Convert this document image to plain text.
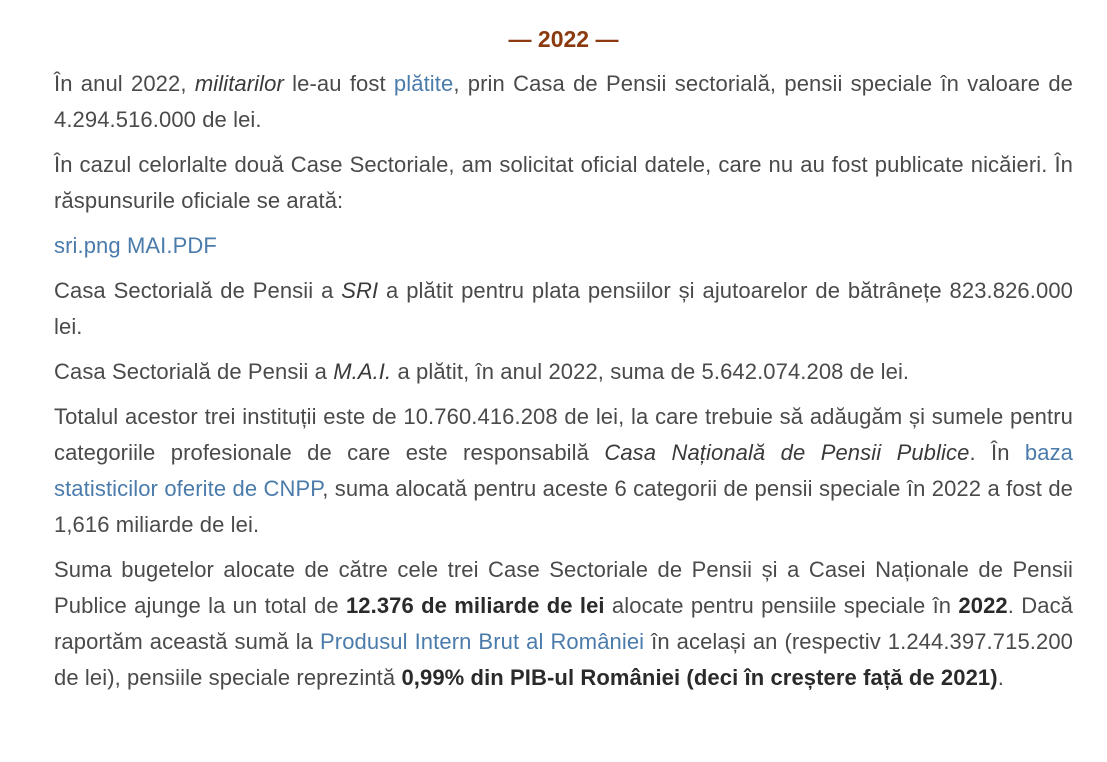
— 2022 —

În anul 2022, militarilor le-au fost plătite, prin Casa de Pensii sectorială, pensii speciale în valoare de 4.294.516.000 de lei.

În cazul celorlalte două Case Sectoriale, am solicitat oficial datele, care nu au fost publicate nicăieri. În răspunsurile oficiale se arată:

sri.png MAI.PDF

Casa Sectorială de Pensii a SRI a plătit pentru plata pensiilor și ajutoarelor de bătrânețe 823.826.000 lei.

Casa Sectorială de Pensii a M.A.I. a plătit, în anul 2022, suma de 5.642.074.208 de lei.

Totalul acestor trei instituții este de 10.760.416.208 de lei, la care trebuie să adăugăm și sumele pentru categoriile profesionale de care este responsabilă Casa Națională de Pensii Publice. În baza statisticilor oferite de CNPP, suma alocată pentru aceste 6 categorii de pensii speciale în 2022 a fost de 1,616 miliarde de lei.

Suma bugetelor alocate de către cele trei Case Sectoriale de Pensii și a Casei Naționale de Pensii Publice ajunge la un total de 12.376 de miliarde de lei alocate pentru pensiile speciale în 2022. Dacă raportăm această sumă la Produsul Intern Brut al României în același an (respectiv 1.244.397.715.200 de lei), pensiile speciale reprezintă 0,99% din PIB-ul României (deci în creștere față de 2021).
